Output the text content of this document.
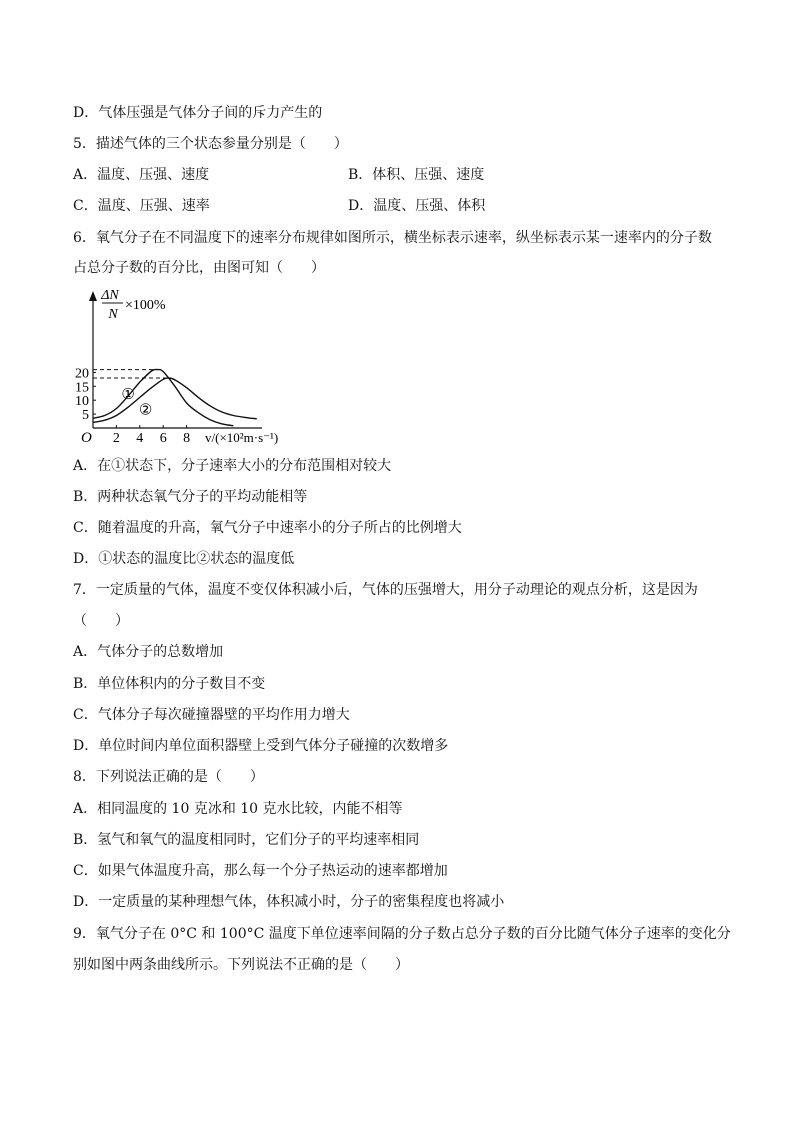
D．气体压强是气体分子间的斥力产生的
5．描述气体的三个状态参量分别是（　　）
A．温度、压强、速度	B．体积、压强、速度
C．温度、压强、速率	D．温度、压强、体积
6．氧气分子在不同温度下的速率分布规律如图所示，横坐标表示速率，纵坐标表示某一速率内的分子数
占总分子数的百分比，由图可知（　　）
ΔN
N
×100%
O	v/(×10²m·s⁻¹)
2 4 6 8
5
10
15
20
①
②
A．在①状态下，分子速率大小的分布范围相对较大
B．两种状态氧气分子的平均动能相等
C．随着温度的升高，氧气分子中速率小的分子所占的比例增大
D．①状态的温度比②状态的温度低
7．一定质量的气体，温度不变仅体积减小后，气体的压强增大，用分子动理论的观点分析，这是因为
（　　）
A．气体分子的总数增加
B．单位体积内的分子数目不变
C．气体分子每次碰撞器壁的平均作用力增大
D．单位时间内单位面积器壁上受到气体分子碰撞的次数增多
8．下列说法正确的是（　　）
A．相同温度的 10 克冰和 10 克水比较，内能不相等
B．氢气和氧气的温度相同时，它们分子的平均速率相同
C．如果气体温度升高，那么每一个分子热运动的速率都增加
D．一定质量的某种理想气体，体积减小时，分子的密集程度也将减小
9．氧气分子在 0°C 和 100°C 温度下单位速率间隔的分子数占总分子数的百分比随气体分子速率的变化分
别如图中两条曲线所示。下列说法不正确的是（　　）
